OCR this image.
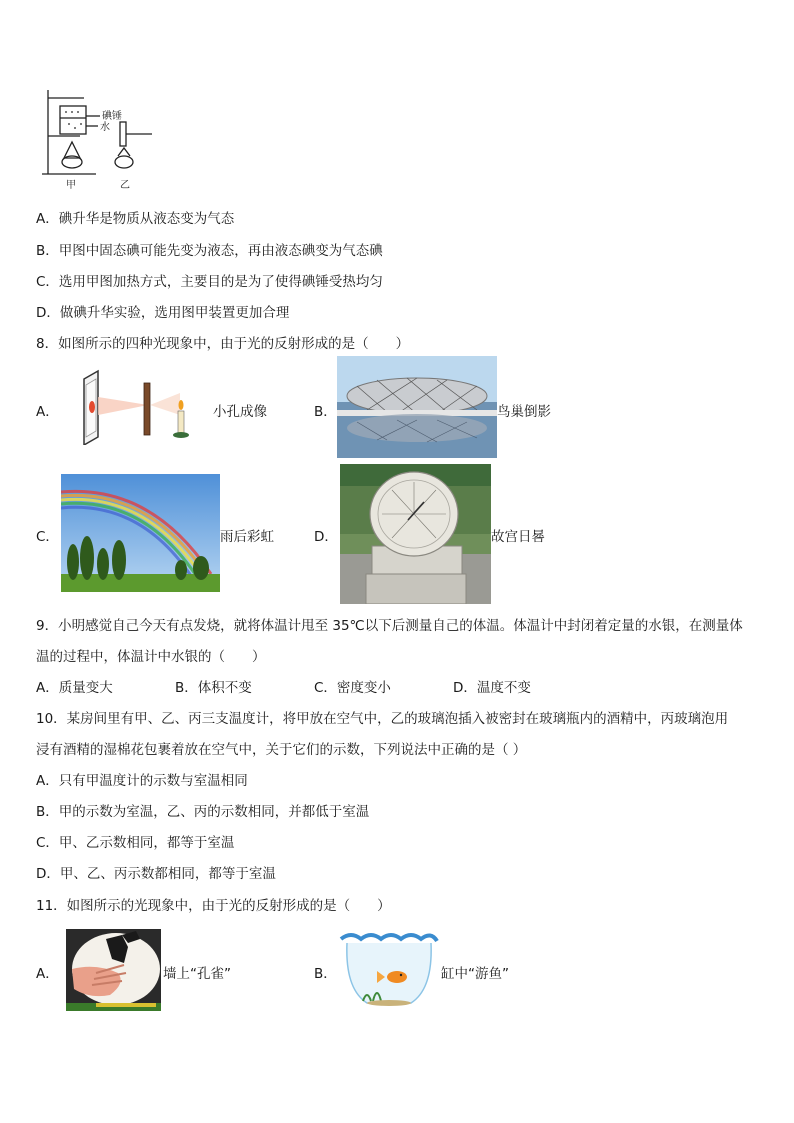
碘锤
水
甲	乙
A．碘升华是物质从液态变为气态
B．甲图中固态碘可能先变为液态，再由液态碘变为气态碘
C．选用甲图加热方式，主要目的是为了使得碘锤受热均匀
D．做碘升华实验，选用图甲装置更加合理
8．如图所示的四种光现象中，由于光的反射形成的是（　　）
A．	小孔成像	B．	鸟巢倒影
C．	雨后彩虹	D．	故宫日晷
9．小明感觉自己今天有点发烧，就将体温计甩至 35℃以下后测量自己的体温。体温计中封闭着定量的水银，在测量体
温的过程中，体温计中水银的（　　）
A．质量变大	B．体积不变	C．密度变小	D．温度不变
10．某房间里有甲、乙、丙三支温度计，将甲放在空气中，乙的玻璃泡插入被密封在玻璃瓶内的酒精中，丙玻璃泡用
浸有酒精的湿棉花包裹着放在空气中，关于它们的示数，下列说法中正确的是（ ）
A．只有甲温度计的示数与室温相同
B．甲的示数为室温，乙、丙的示数相同，并都低于室温
C．甲、乙示数相同，都等于室温
D．甲、乙、丙示数都相同，都等于室温
11．如图所示的光现象中，由于光的反射形成的是（　　）
A．	墙上“孔雀”	B．	缸中“游鱼”
